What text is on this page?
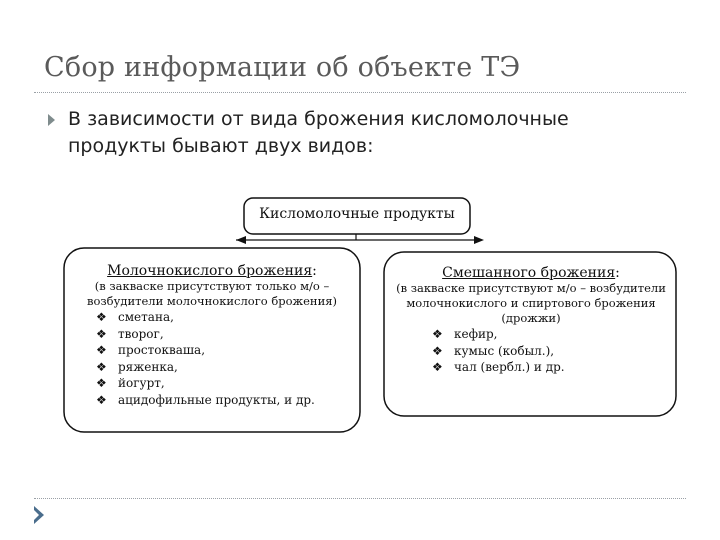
Сбор информации об объекте ТЭ
В зависимости от вида брожения кисломолочные продукты бывают двух видов:
Кисломолочные продукты
Молочнокислого брожения:
(в закваске присутствуют только м/о – возбудители молочнокислого брожения)
❖ сметана,
❖ творог,
❖ простокваша,
❖ ряженка,
❖ йогурт,
❖ ацидофильные продукты, и др.
Смешанного брожения:
(в закваске присутствуют м/о – возбудители молочнокислого и спиртового брожения (дрожжи)
❖ кефир,
❖ кумыс (кобыл.),
❖ чал (вербл.) и др.
